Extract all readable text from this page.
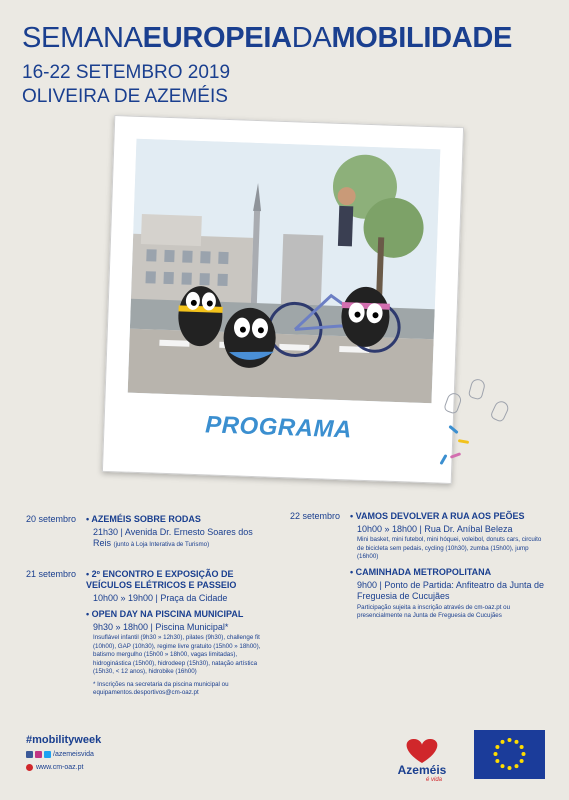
SEMANAEUROPEIADAMOBILIDADE
16-22 SETEMBRO 2019
OLIVEIRA DE AZEMÉIS
PROGRAMA
20 setembro	• AZEMÉIS SOBRE RODAS
21h30 | Avenida Dr. Ernesto Soares dos Reis (junto à Loja Interativa de Turismo)
21 setembro	• 2º ENCONTRO E EXPOSIÇÃO DE VEÍCULOS ELÉTRICOS E PASSEIO
10h00 » 19h00 | Praça da Cidade
• OPEN DAY NA PISCINA MUNICIPAL
9h30 » 18h00 | Piscina Municipal*
Insuflável infantil (9h30 » 12h30), pilates (9h30), challenge fit (10h00), GAP (10h30), regime livre gratuito (15h00 » 18h00), batismo mergulho (15h00 » 18h00, vagas limitadas), hidroginástica (15h00), hidrodeep (15h30), natação artística (15h30, < 12 anos), hidrobike (16h00)
* Inscrições na secretaria da piscina municipal ou equipamentos.desportivos@cm-oaz.pt
22 setembro	• VAMOS DEVOLVER A RUA AOS PEÕES
10h00 » 18h00 | Rua Dr. Aníbal Beleza
Mini basket, mini futebol, mini hóquei, voleibol, donuts cars, circuito de bicicleta sem pedais, cycling (10h30), zumba (15h00), jump (16h00)
• CAMINHADA METROPOLITANA
9h00 | Ponto de Partida: Anfiteatro da Junta de Freguesia de Cucujães
Participação sujeita a inscrição através de cm-oaz.pt ou presencialmente na Junta de Freguesia de Cucujães
#mobilityweek
/azemeisvida
www.cm-oaz.pt	Azeméis
é vida
